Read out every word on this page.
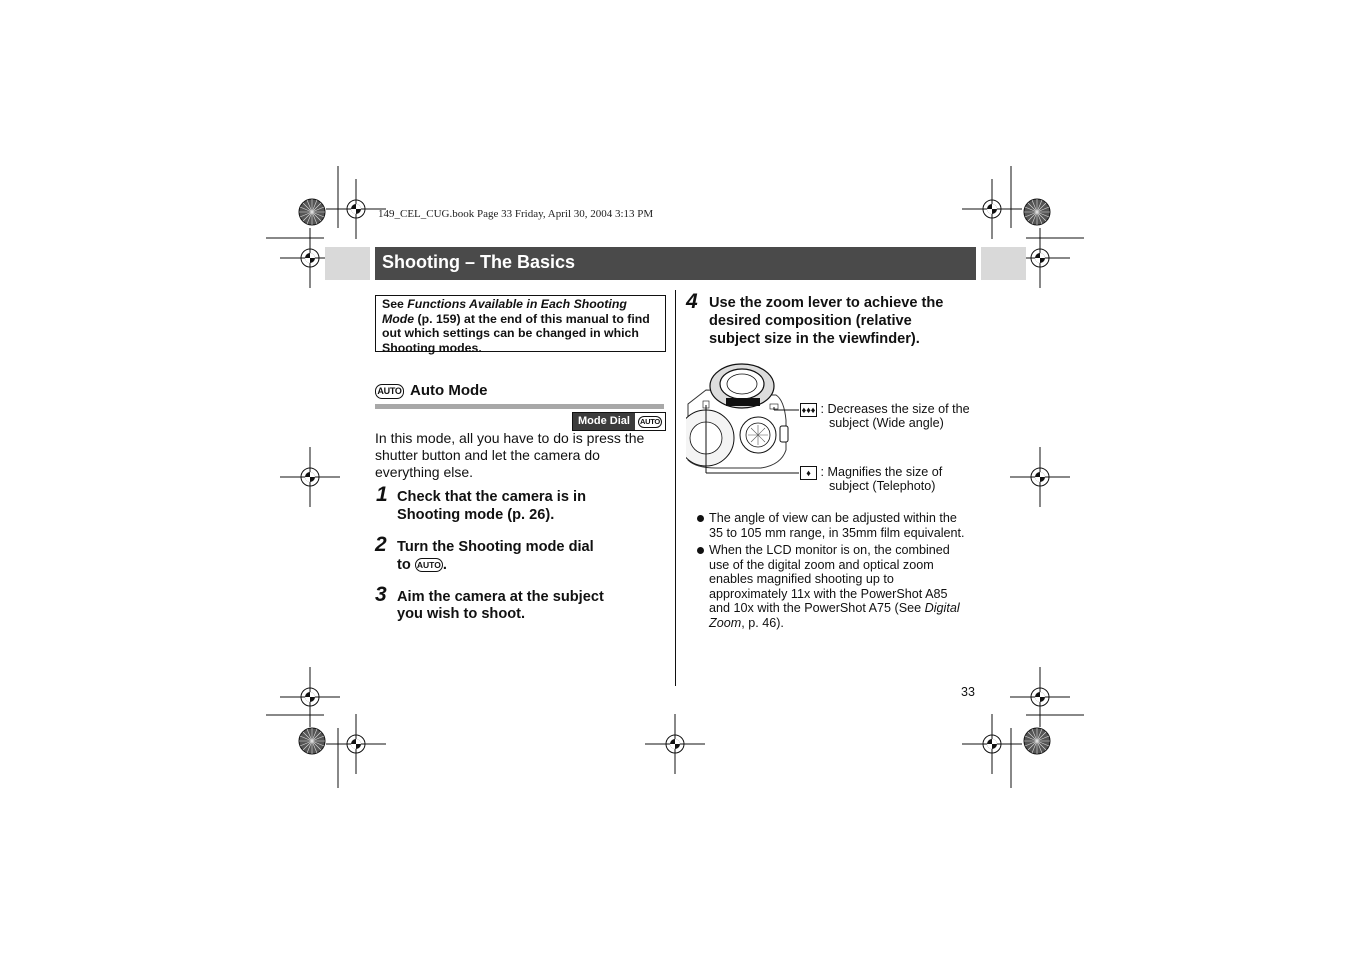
149_CEL_CUG.book Page 33 Friday, April 30, 2004 3:13 PM
Shooting – The Basics
See Functions Available in Each Shooting Mode (p. 159) at the end of this manual to find out which settings can be changed in which Shooting modes.
AUTO Auto Mode
Mode Dial	AUTO
In this mode, all you have to do is press the shutter button and let the camera do everything else.
1 Check that the camera is in
Shooting mode (p. 26).
2 Turn the Shooting mode dial
to AUTO .
3 Aim the camera at the subject
you wish to shoot.
4 Use the zoom lever to achieve the
desired composition (relative
subject size in the viewfinder).
♦♦♦ : Decreases the size of the
subject (Wide angle)
♦ : Magnifies the size of
subject (Telephoto)
The angle of view can be adjusted within the 35 to 105 mm range, in 35mm film equivalent.
When the LCD monitor is on, the combined use of the digital zoom and optical zoom enables magnified shooting up to approximately 11x with the PowerShot A85 and 10x with the PowerShot A75 (See Digital Zoom, p. 46).
33
